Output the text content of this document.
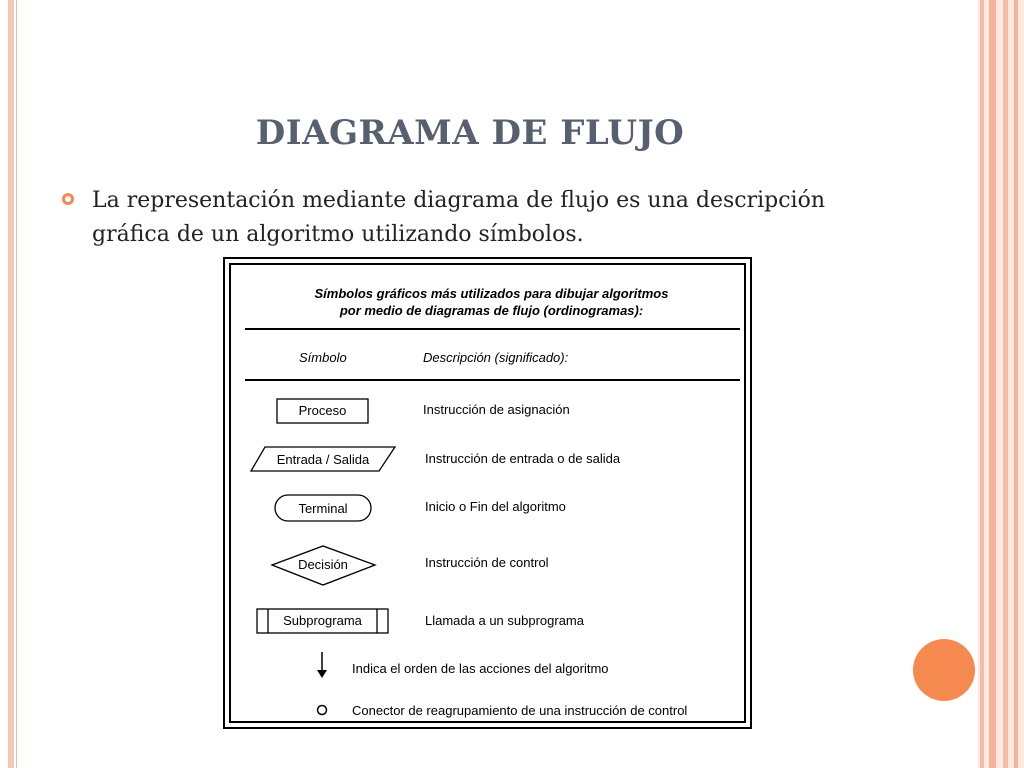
DIAGRAMA DE FLUJO
La representación mediante diagrama de flujo es una descripción gráfica de un algoritmo utilizando símbolos.
Símbolos gráficos más utilizados para dibujar algoritmos
por medio de diagramas de flujo (ordinogramas):
Símbolo	Descripción (significado):
Proceso
Entrada / Salida
Terminal
Decisión
Subprograma
Instrucción de asignación
Instrucción de entrada o de salida
Inicio o Fin del algoritmo
Instrucción de control
Llamada a un subprograma
Indica el orden de las acciones del algoritmo
Conector de reagrupamiento de una instrucción de control
